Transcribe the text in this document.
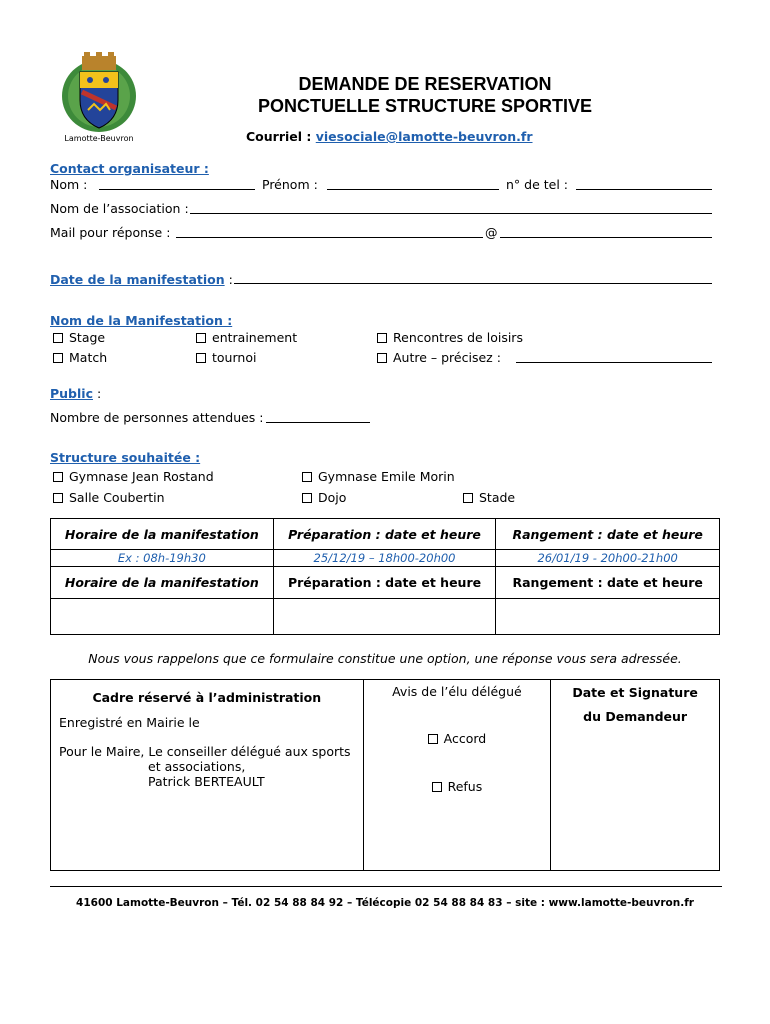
Lamotte-Beuvron
DEMANDE DE RESERVATION
PONCTUELLE STRUCTURE SPORTIVE
Courriel : viesociale@lamotte-beuvron.fr
Contact organisateur :
Nom :	Prénom :	n° de tel :
Nom de l’association :
Mail pour réponse :	@
Date de la manifestation :
Nom de la Manifestation :
Stage	entrainement	Rencontres de loisirs
Match	tournoi	Autre – précisez :
Public :
Nombre de personnes attendues :
Structure souhaitée :
Gymnase Jean Rostand	Gymnase Emile Morin
Salle Coubertin	Dojo	Stade
Horaire de la manifestation	Préparation : date et heure	Rangement : date et heure
Ex : 08h-19h30	25/12/19 – 18h00-20h00	26/01/19 - 20h00-21h00
Horaire de la manifestation	Préparation : date et heure	Rangement : date et heure

Nous vous rappelons que ce formulaire constitue une option, une réponse vous sera adressée.
Cadre réservé à l’administration
Enregistré en Mairie le
Pour le Maire, Le conseiller délégué aux sports
et associations,
Patrick BERTEAULT

Avis de l’élu délégué
Accord
Refus

Date et Signature
du Demandeur
41600 Lamotte-Beuvron – Tél. 02 54 88 84 92 – Télécopie 02 54 88 84 83 – site : www.lamotte-beuvron.fr
